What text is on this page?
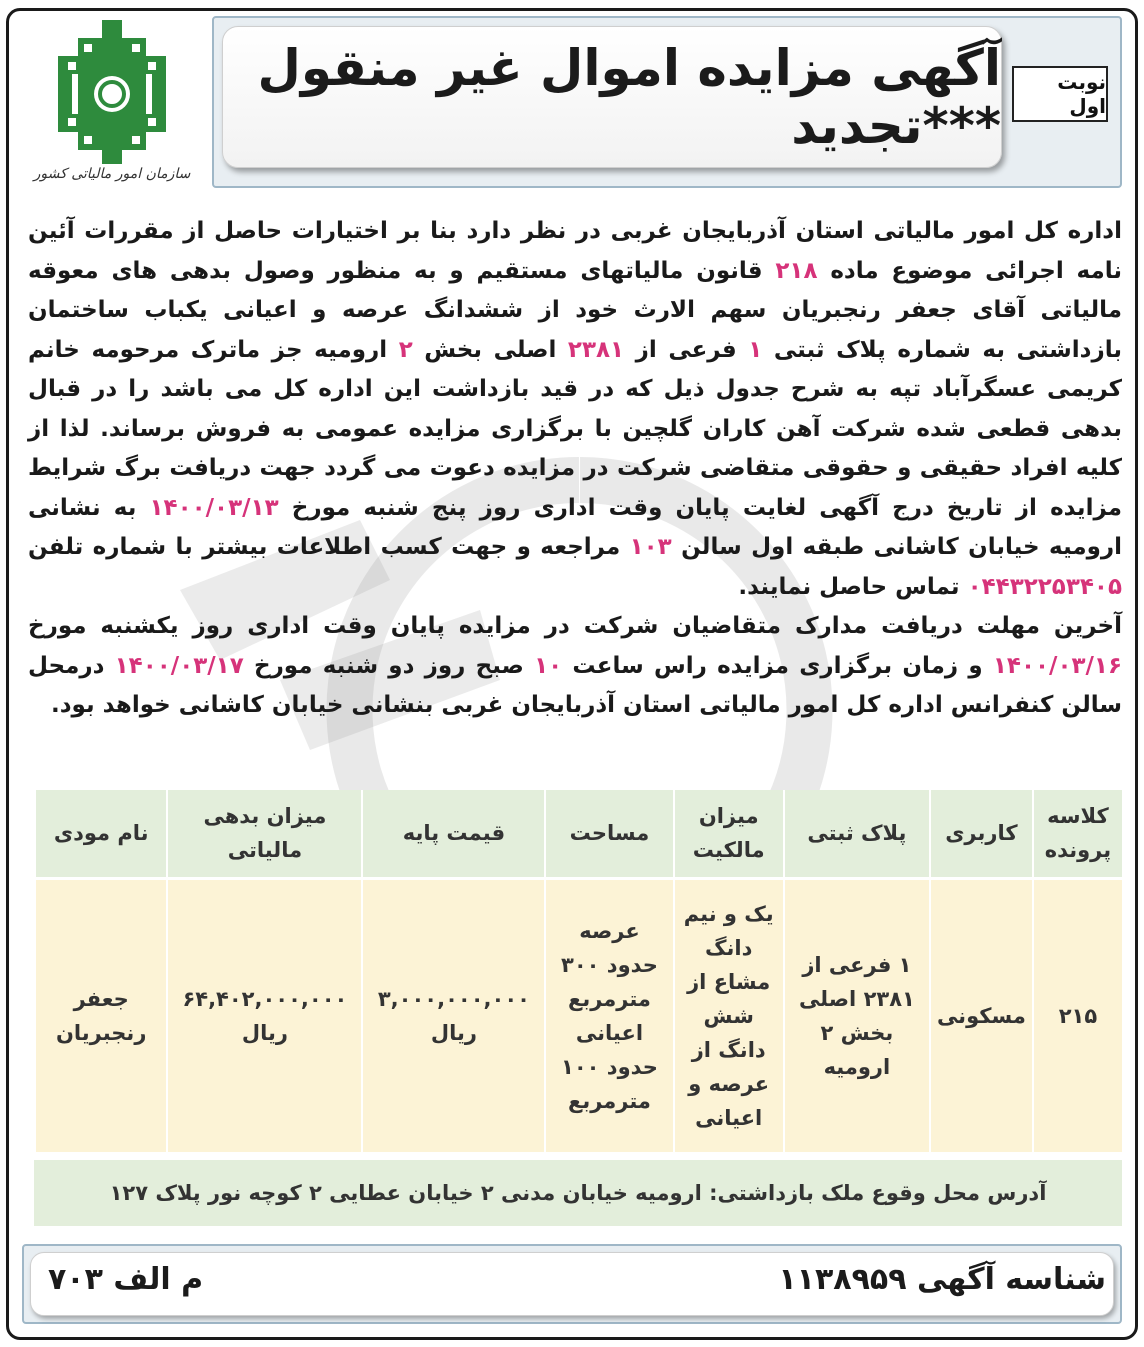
سازمان امور مالیاتی کشور
آگهی مزایده اموال غیر منقول ***تجدید
نوبت اول
اداره کل امور مالیاتی استان آذربایجان غربی در نظر دارد بنا بر اختیارات حاصل از مقررات آئین نامه اجرائی موضوع ماده ۲۱۸ قانون مالیاتهای مستقیم و به منظور وصول بدهی های معوقه مالیاتی آقای جعفر رنجبریان سهم الارث خود از ششدانگ عرصه و اعیانی یکباب ساختمان بازداشتی به شماره پلاک ثبتی ۱ فرعی از ۲۳۸۱ اصلی بخش ۲ ارومیه جز ماترک مرحومه خانم کریمی عسگرآباد تپه به شرح جدول ذیل که در قید بازداشت این اداره کل می باشد را در قبال بدهی قطعی شده شرکت آهن کاران گلچین با برگزاری مزایده عمومی به فروش برساند. لذا از کلیه افراد حقیقی و حقوقی متقاضی شرکت در مزایده دعوت می گردد جهت دریافت برگ شرایط مزایده از تاریخ درج آگهی لغایت پایان وقت اداری روز پنج شنبه مورخ ۱۴۰۰/۰۳/۱۳ به نشانی ارومیه خیابان کاشانی طبقه اول سالن ۱۰۳ مراجعه و جهت کسب اطلاعات بیشتر با شماره تلفن ۰۴۴۳۲۲۵۳۴۰۵ تماس حاصل نمایند.
آخرین مهلت دریافت مدارک متقاضیان شرکت در مزایده پایان وقت اداری روز یکشنبه مورخ ۱۴۰۰/۰۳/۱۶ و زمان برگزاری مزایده راس ساعت ۱۰ صبح روز دو شنبه مورخ ۱۴۰۰/۰۳/۱۷ درمحل سالن کنفرانس اداره کل امور مالیاتی استان آذربایجان غربی بنشانی خیابان کاشانی خواهد بود.
کلاسه پرونده	کاربری	پلاک ثبتی	میزان مالکیت	مساحت	قیمت پایه	میزان بدهی مالیاتی	نام مودی
۲۱۵	مسکونی	۱ فرعی از ۲۳۸۱ اصلی بخش ۲ ارومیه	یک و نیم دانگ مشاع از شش دانگ از عرصه و اعیانی	عرصه حدود ۳۰۰ مترمربع اعیانی حدود ۱۰۰ مترمربع	۳,۰۰۰,۰۰۰,۰۰۰ ریال	۶۴,۴۰۲,۰۰۰,۰۰۰ ریال	جعفر رنجبریان
آدرس محل وقوع ملک بازداشتی: ارومیه خیابان مدنی ۲ خیابان عطایی ۲ کوچه نور پلاک ۱۲۷
شناسه آگهی ۱۱۳۸۹۵۹
م الف ۷۰۳
